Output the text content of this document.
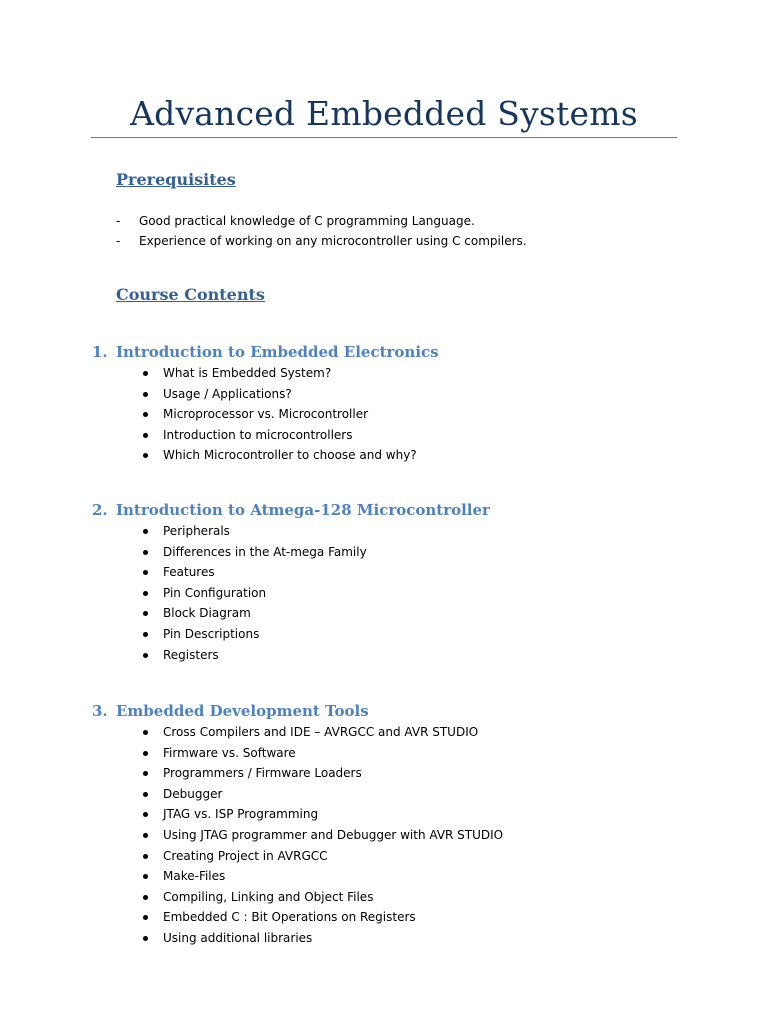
Advanced Embedded Systems
Prerequisites
- Good practical knowledge of C programming Language.
- Experience of working on any microcontroller using C compilers.
Course Contents
1. Introduction to Embedded Electronics
What is Embedded System?
Usage / Applications?
Microprocessor vs. Microcontroller
Introduction to microcontrollers
Which Microcontroller to choose and why?
2. Introduction to Atmega-128 Microcontroller
Peripherals
Differences in the At-mega Family
Features
Pin Configuration
Block Diagram
Pin Descriptions
Registers
3. Embedded Development Tools
Cross Compilers and IDE – AVRGCC and AVR STUDIO
Firmware vs. Software
Programmers / Firmware Loaders
Debugger
JTAG vs. ISP Programming
Using JTAG programmer and Debugger with AVR STUDIO
Creating Project in AVRGCC
Make-Files
Compiling, Linking and Object Files
Embedded C : Bit Operations on Registers
Using additional libraries
